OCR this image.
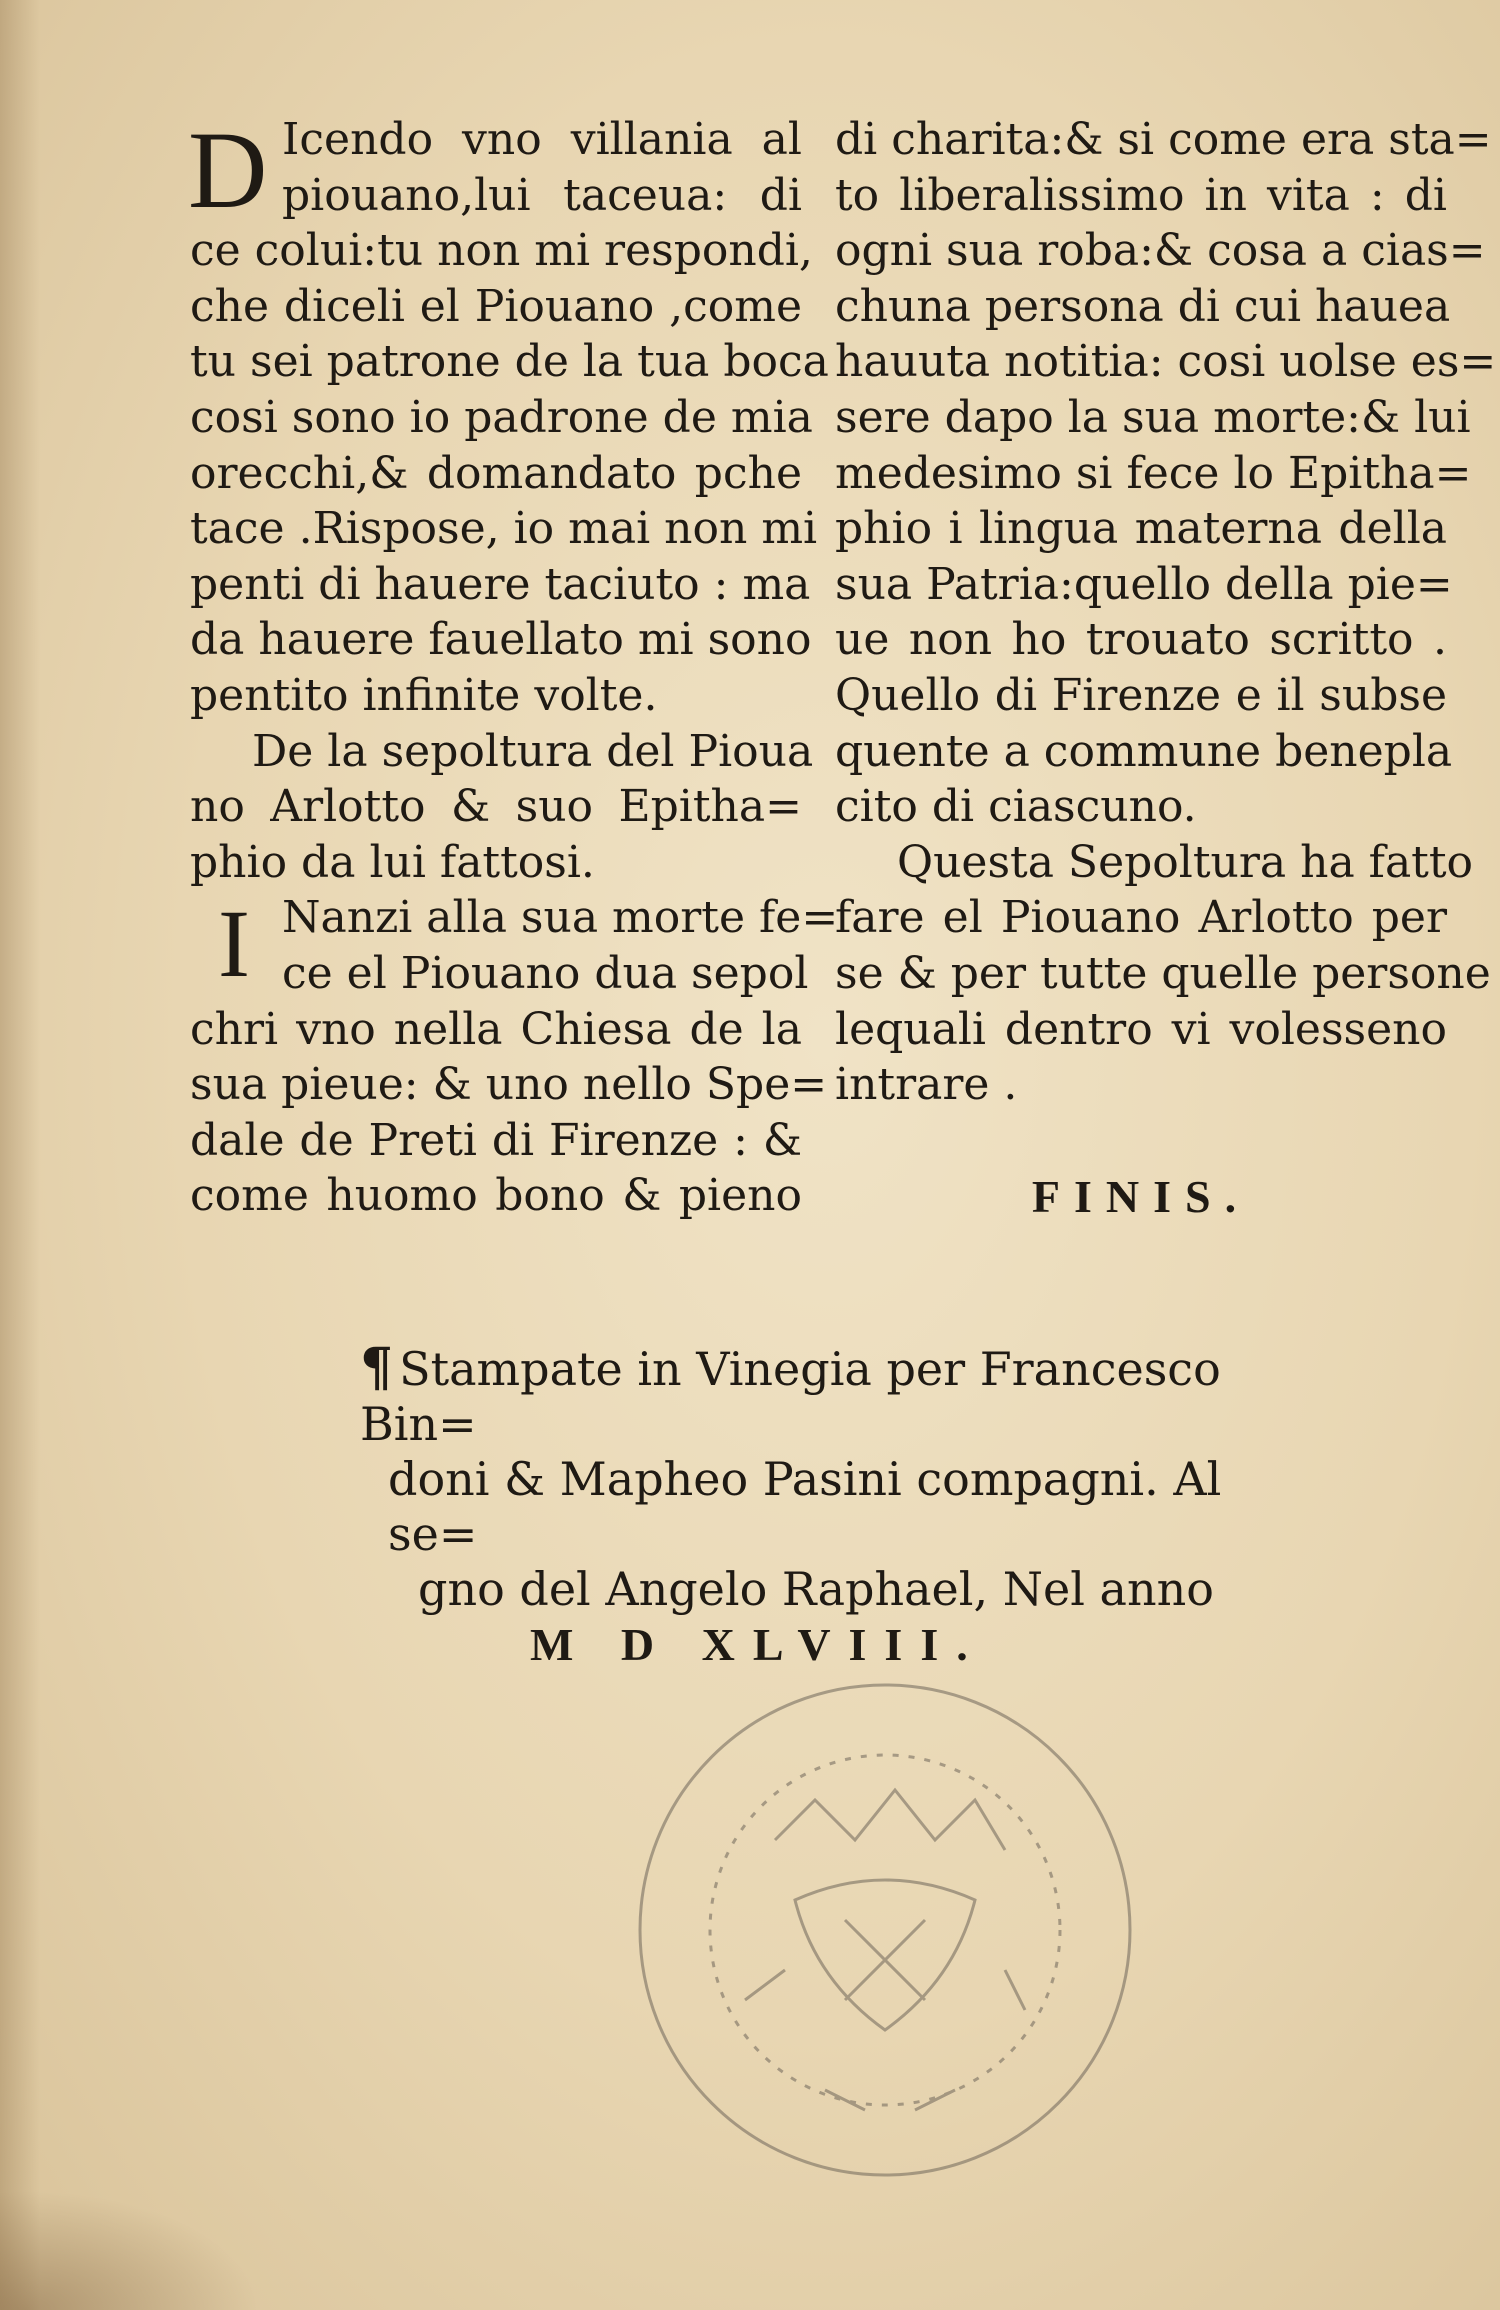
D Icendo vno villania al
piouano,lui taceua: di
ce colui:tu non mi respondi,
che diceli el Piouano ,come
tu sei patrone de la tua boca
cosi sono io padrone de mia
orecchi,& domandato pche
tace .Rispose, io mai non mi
penti di hauere taciuto : ma
da hauere fauellato mi sono
pentito infinite volte.
De la sepoltura del Pioua
no Arlotto & suo Epitha=
phio da lui fattosi.
I Nanzi alla sua morte fe=
ce el Piouano dua sepol
chri vno nella Chiesa de la
sua pieue: & uno nello Spe=
dale de Preti di Firenze : &
come huomo bono & pieno
di charita:& si come era sta=
to liberalissimo in vita : di
ogni sua roba:& cosa a cias=
chuna persona di cui hauea
hauuta notitia: cosi uolse es=
sere dapo la sua morte:& lui
medesimo si fece lo Epitha=
phio i lingua materna della
sua Patria:quello della pie=
ue non ho trouato scritto .
Quello di Firenze e il subse
quente a commune benepla
cito di ciascuno.
Questa Sepoltura ha fatto
fare el Piouano Arlotto per
se & per tutte quelle persone
lequali dentro vi volesseno
intrare .
FINIS.
¶ Stampate in Vinegia per Francesco Bin=
doni & Mapheo Pasini compagni. Al se=
gno del Angelo Raphael, Nel anno
M D XLVIII.
